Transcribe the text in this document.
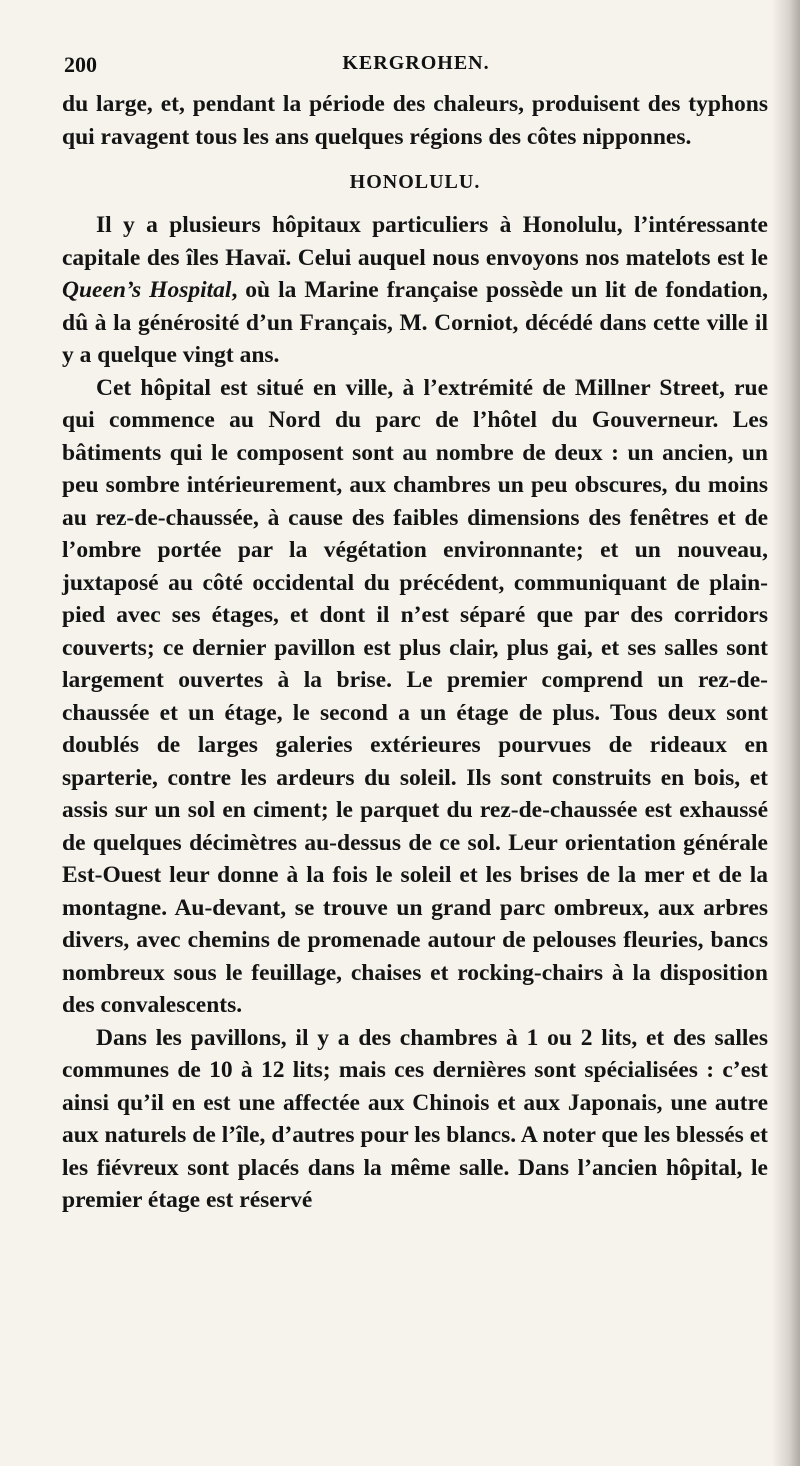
200	KERGROHEN.

du large, et, pendant la période des chaleurs, produisent des typhons qui ravagent tous les ans quelques régions des côtes nipponnes.

HONOLULU.

Il y a plusieurs hôpitaux particuliers à Honolulu, l’intéressante capitale des îles Havaï. Celui auquel nous envoyons nos matelots est le Queen’s Hospital, où la Marine française possède un lit de fondation, dû à la générosité d’un Français, M. Corniot, décédé dans cette ville il y a quelque vingt ans.

Cet hôpital est situé en ville, à l’extrémité de Millner Street, rue qui commence au Nord du parc de l’hôtel du Gouverneur. Les bâtiments qui le composent sont au nombre de deux : un ancien, un peu sombre intérieurement, aux chambres un peu obscures, du moins au rez-de-chaussée, à cause des faibles dimensions des fenêtres et de l’ombre portée par la végétation environnante; et un nouveau, juxtaposé au côté occidental du précédent, communiquant de plain-pied avec ses étages, et dont il n’est séparé que par des corridors couverts; ce dernier pavillon est plus clair, plus gai, et ses salles sont largement ouvertes à la brise. Le premier comprend un rez-de-chaussée et un étage, le second a un étage de plus. Tous deux sont doublés de larges galeries extérieures pourvues de rideaux en sparterie, contre les ardeurs du soleil. Ils sont construits en bois, et assis sur un sol en ciment; le parquet du rez-de-chaussée est exhaussé de quelques décimètres au-dessus de ce sol. Leur orientation générale Est-Ouest leur donne à la fois le soleil et les brises de la mer et de la montagne. Au-devant, se trouve un grand parc ombreux, aux arbres divers, avec chemins de promenade autour de pelouses fleuries, bancs nombreux sous le feuillage, chaises et rocking-chairs à la disposition des convalescents.

Dans les pavillons, il y a des chambres à 1 ou 2 lits, et des salles communes de 10 à 12 lits; mais ces dernières sont spécialisées : c’est ainsi qu’il en est une affectée aux Chinois et aux Japonais, une autre aux naturels de l’île, d’autres pour les blancs. A noter que les blessés et les fiévreux sont placés dans la même salle. Dans l’ancien hôpital, le premier étage est réservé
